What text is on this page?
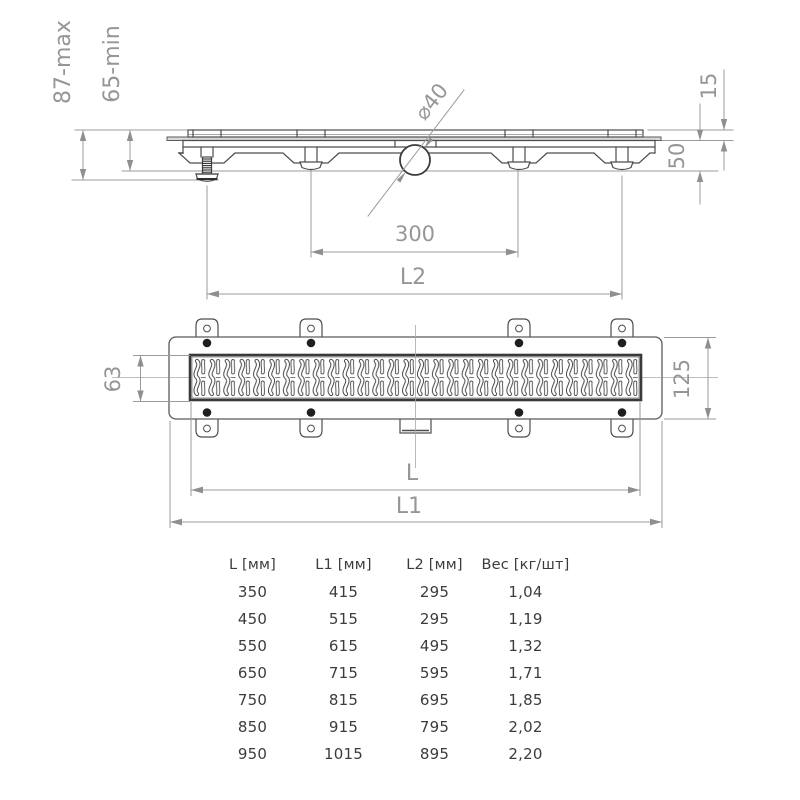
87-max 65-min	15
50
⌀40
300
L2
63	125
L
L1
L [мм]	L1 [мм]	L2 [мм]	Вес [кг/шт]
350	415	295	1,04
450	515	295	1,19
550	615	495	1,32
650	715	595	1,71
750	815	695	1,85
850	915	795	2,02
950	1015	895	2,20
